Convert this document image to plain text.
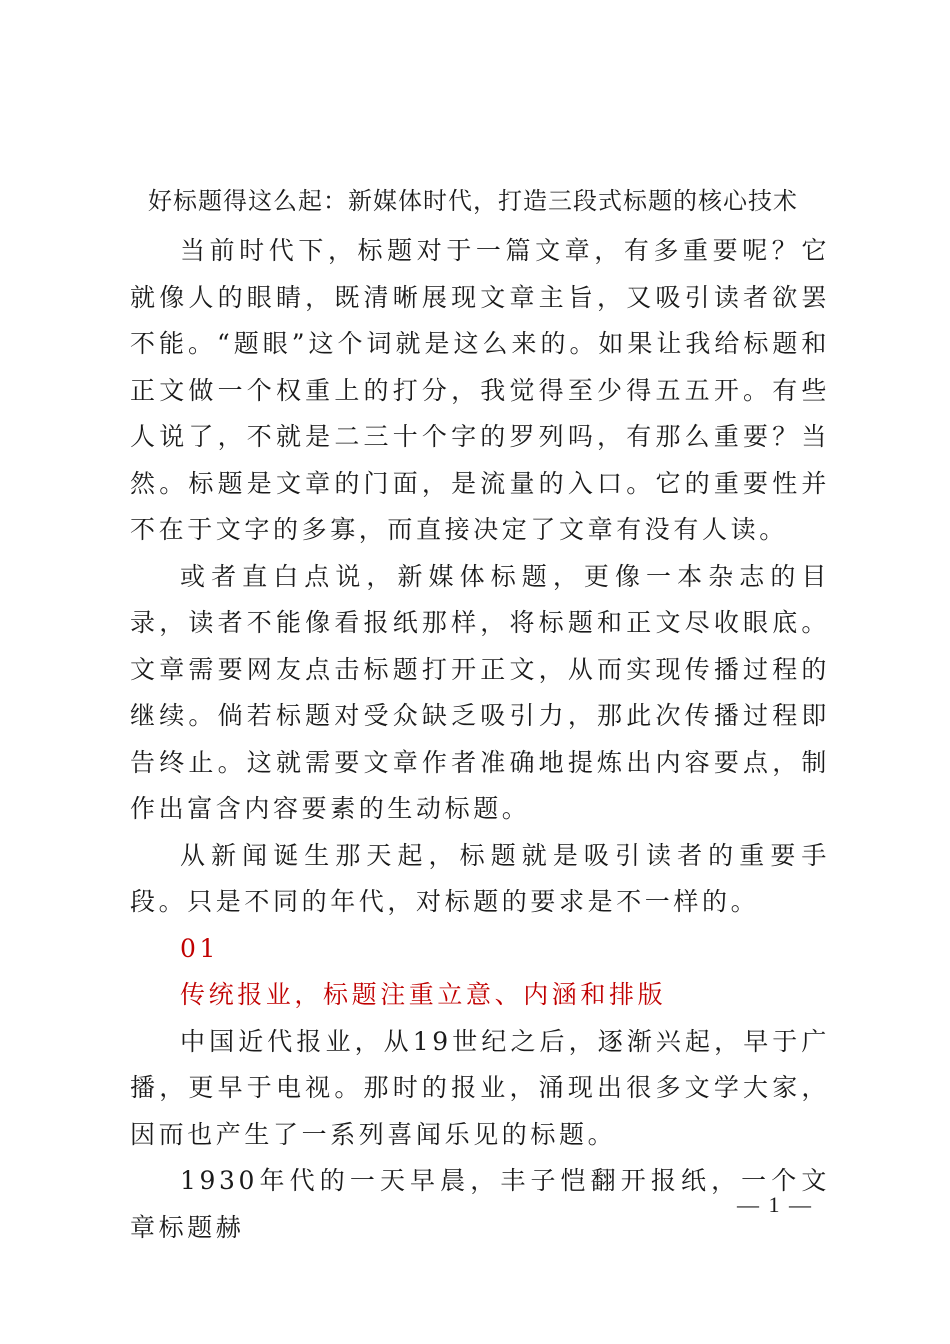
好标题得这么起：新媒体时代，打造三段式标题的核心技术

当前时代下，标题对于一篇文章，有多重要呢？它就像人的眼睛，既清晰展现文章主旨，又吸引读者欲罢不能。“题眼”这个词就是这么来的。如果让我给标题和正文做一个权重上的打分，我觉得至少得五五开。有些人说了，不就是二三十个字的罗列吗，有那么重要？当然。标题是文章的门面，是流量的入口。它的重要性并不在于文字的多寡，而直接决定了文章有没有人读。

或者直白点说，新媒体标题，更像一本杂志的目录，读者不能像看报纸那样，将标题和正文尽收眼底。文章需要网友点击标题打开正文，从而实现传播过程的继续。倘若标题对受众缺乏吸引力，那此次传播过程即告终止。这就需要文章作者准确地提炼出内容要点，制作出富含内容要素的生动标题。

从新闻诞生那天起，标题就是吸引读者的重要手段。只是不同的年代，对标题的要求是不一样的。

01

传统报业，标题注重立意、内涵和排版

中国近代报业，从19世纪之后，逐渐兴起，早于广播，更早于电视。那时的报业，涌现出很多文学大家，因而也产生了一系列喜闻乐见的标题。

1930年代的一天早晨，丰子恺翻开报纸，一个文章标题赫

— 1 —
